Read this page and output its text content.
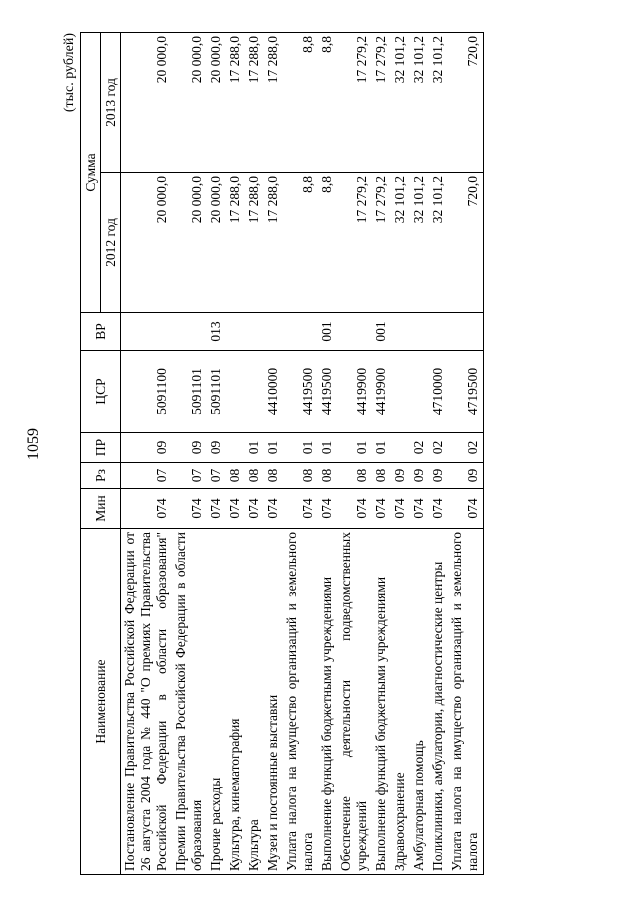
1059
(тыс. рублей)
Наименование	Мин	Рз	ПР	ЦСР	ВР	Сумма	
						2012 год	2013 год
Постановление Правительства Российской Федерации от 26 августа 2004 года № 440 "О премиях Правительства Российской Федерации в области образования"	074	07	09	5091100		20 000,0	20 000,0
Премии Правительства Российской Федерации в области образования	074	07	09	5091101		20 000,0	20 000,0
Прочие расходы	074	07	09	5091101	013	20 000,0	20 000,0
Культура, кинематография	074	08				17 288,0	17 288,0
Культура	074	08	01			17 288,0	17 288,0
Музеи и постоянные выставки	074	08	01	4410000		17 288,0	17 288,0
Уплата налога на имущество организаций и земельного налога	074	08	01	4419500		8,8	8,8
Выполнение функций бюджетными учреждениями	074	08	01	4419500	001	8,8	8,8
Обеспечение деятельности подведомственных учреждений	074	08	01	4419900		17 279,2	17 279,2
Выполнение функций бюджетными учреждениями	074	08	01	4419900	001	17 279,2	17 279,2
Здравоохранение	074	09				32 101,2	32 101,2
Амбулаторная помощь	074	09	02			32 101,2	32 101,2
Поликлиники, амбулатории, диагностические центры	074	09	02	4710000		32 101,2	32 101,2
Уплата налога на имущество организаций и земельного налога	074	09	02	4719500		720,0	720,0
